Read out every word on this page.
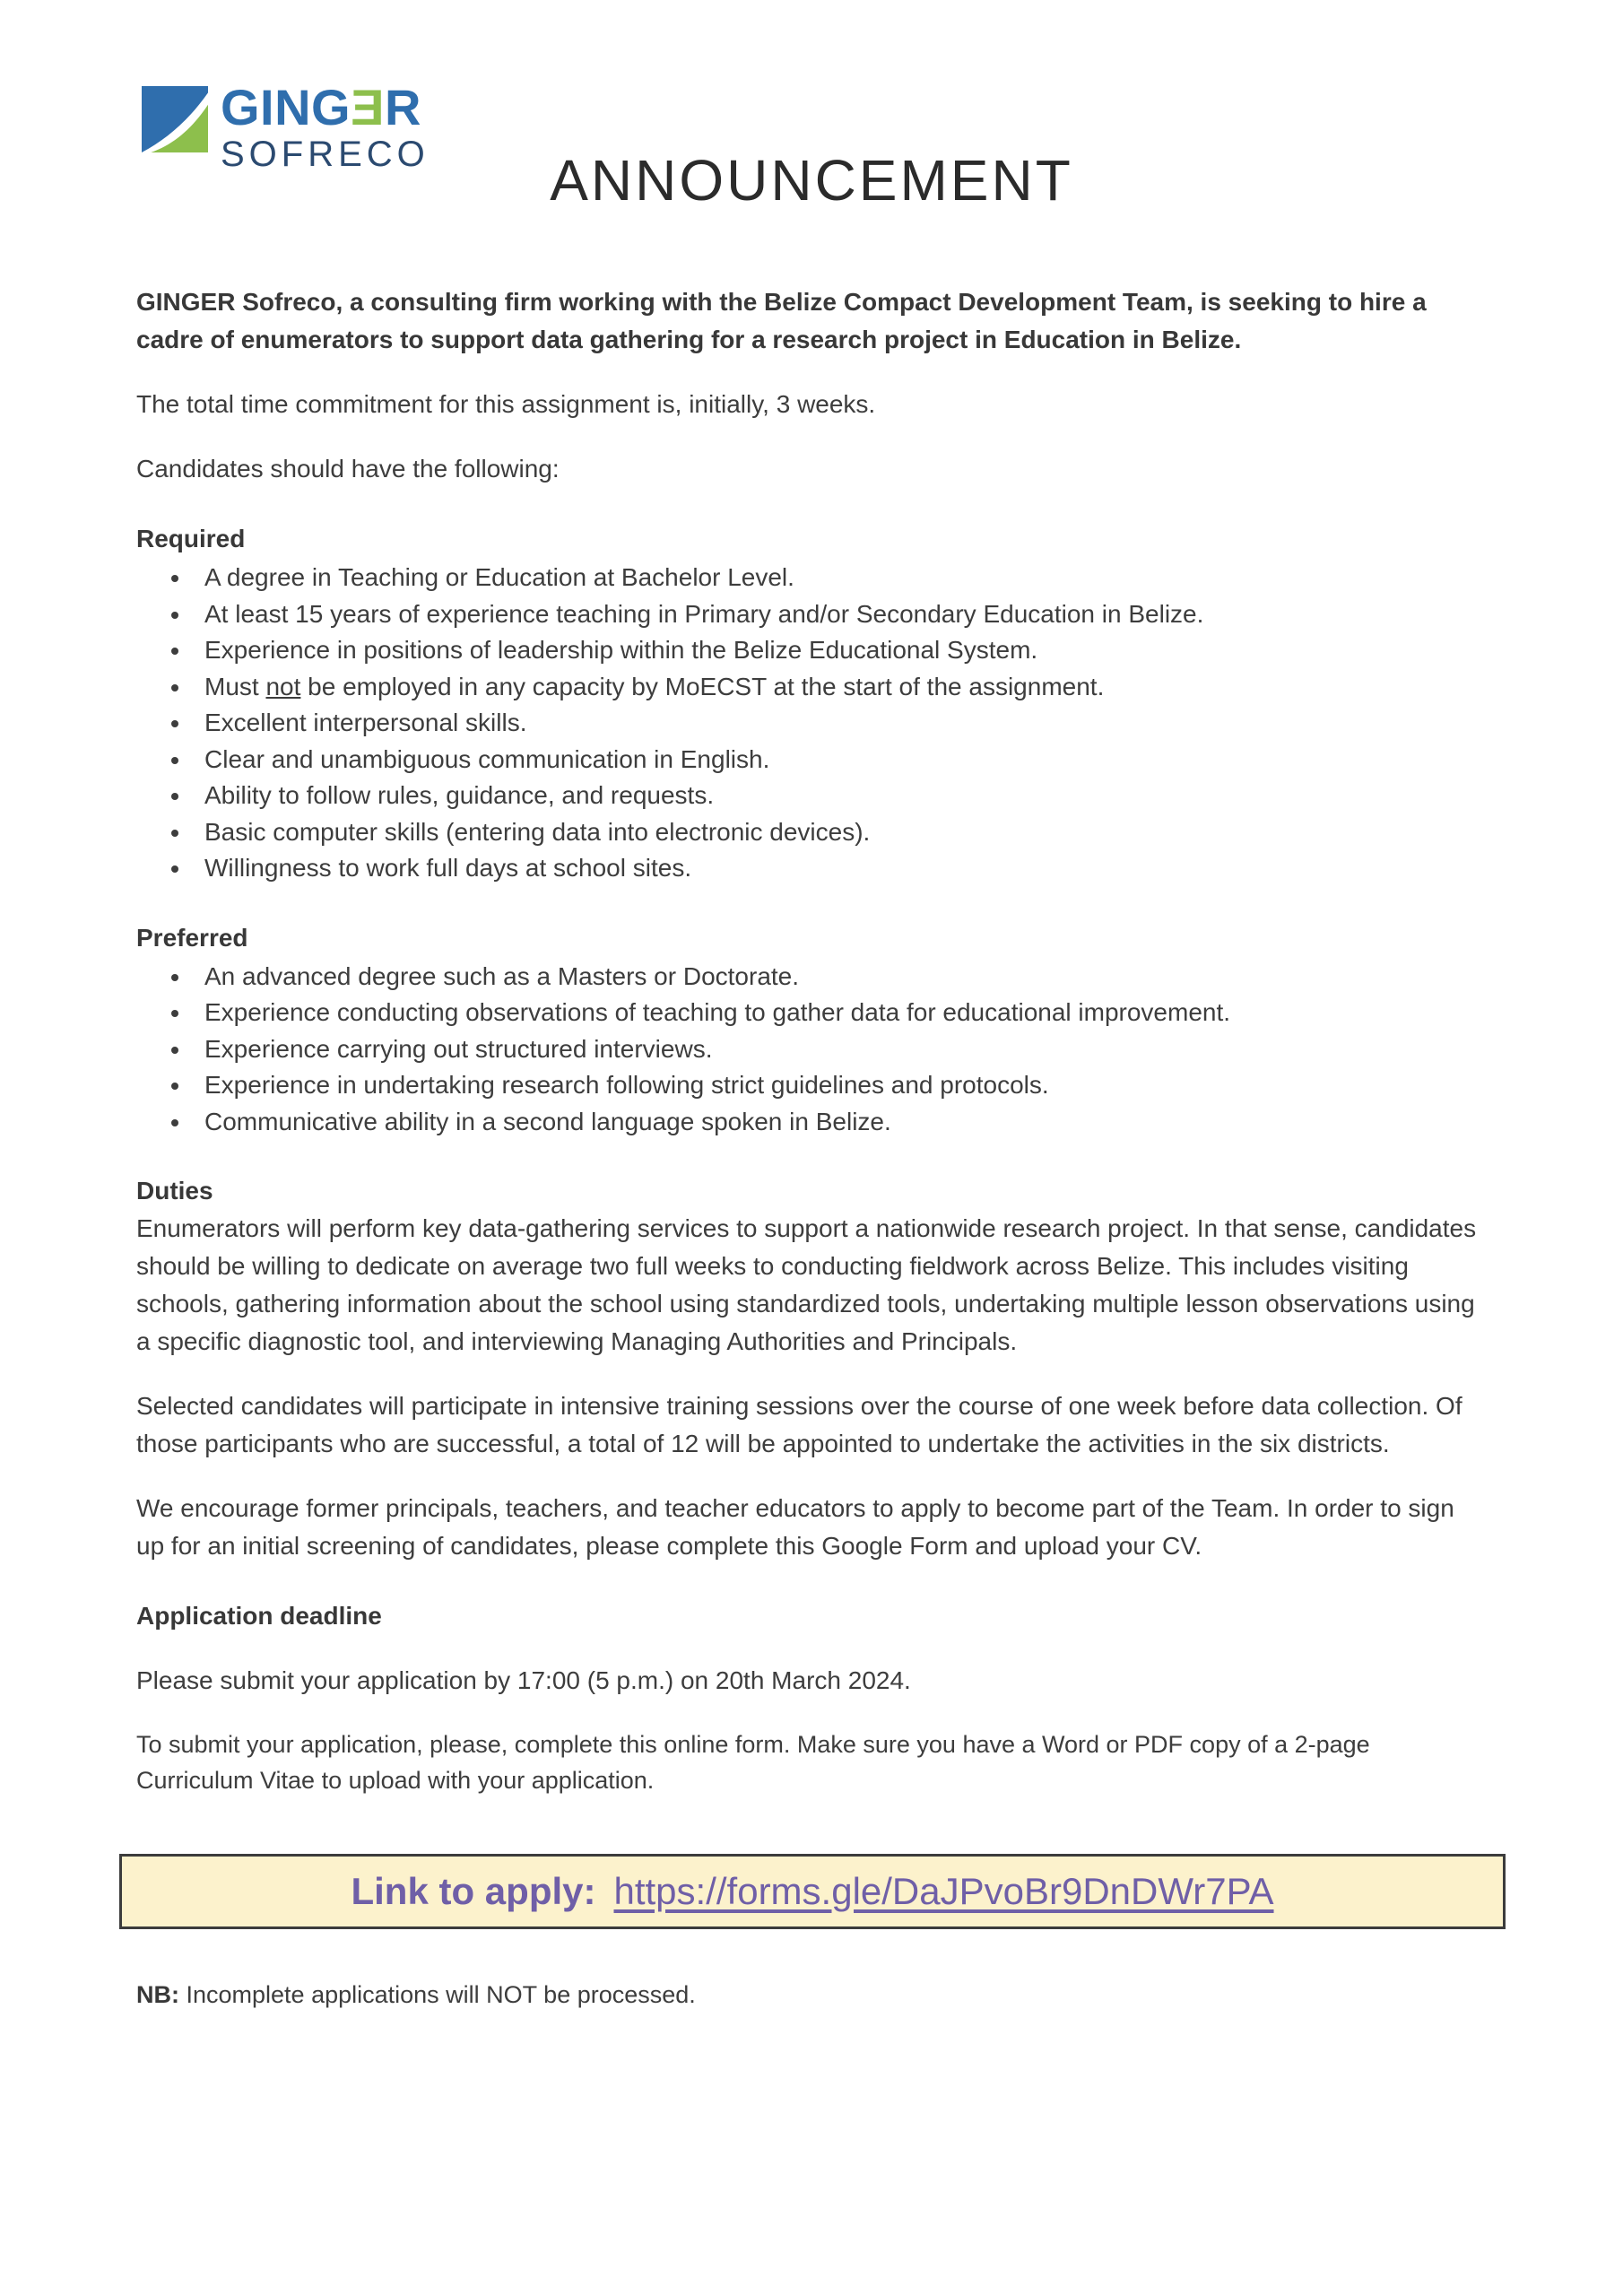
GINGƎR
SOFRECO	ANNOUNCEMENT

GINGER Sofreco, a consulting firm working with the Belize Compact Development Team, is seeking to hire a cadre of enumerators to support data gathering for a research project in Education in Belize.

The total time commitment for this assignment is, initially, 3 weeks.

Candidates should have the following:

Required
• A degree in Teaching or Education at Bachelor Level.
• At least 15 years of experience teaching in Primary and/or Secondary Education in Belize.
• Experience in positions of leadership within the Belize Educational System.
• Must not be employed in any capacity by MoECST at the start of the assignment.
• Excellent interpersonal skills.
• Clear and unambiguous communication in English.
• Ability to follow rules, guidance, and requests.
• Basic computer skills (entering data into electronic devices).
• Willingness to work full days at school sites.
Preferred
• An advanced degree such as a Masters or Doctorate.
• Experience conducting observations of teaching to gather data for educational improvement.
• Experience carrying out structured interviews.
• Experience in undertaking research following strict guidelines and protocols.
• Communicative ability in a second language spoken in Belize.
Duties

Enumerators will perform key data-gathering services to support a nationwide research project. In that sense, candidates should be willing to dedicate on average two full weeks to conducting fieldwork across Belize. This includes visiting schools, gathering information about the school using standardized tools, undertaking multiple lesson observations using a specific diagnostic tool, and interviewing Managing Authorities and Principals.

Selected candidates will participate in intensive training sessions over the course of one week before data collection. Of those participants who are successful, a total of 12 will be appointed to undertake the activities in the six districts.

We encourage former principals, teachers, and teacher educators to apply to become part of the Team. In order to sign up for an initial screening of candidates, please complete this Google Form and upload your CV.

Application deadline

Please submit your application by 17:00 (5 p.m.) on 20th March 2024.

To submit your application, please, complete this online form. Make sure you have a Word or PDF copy of a 2-page Curriculum Vitae to upload with your application.

Link to apply: https://forms.gle/DaJPvoBr9DnDWr7PA

NB: Incomplete applications will NOT be processed.
